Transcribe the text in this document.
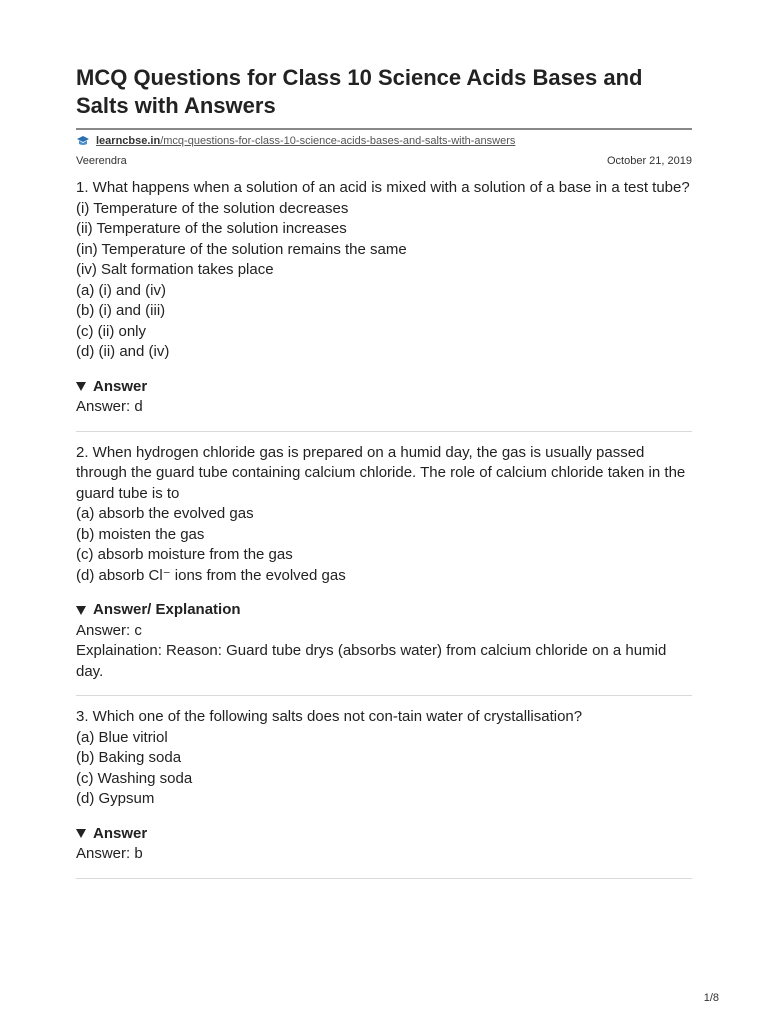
MCQ Questions for Class 10 Science Acids Bases and Salts with Answers
learncbse.in/mcq-questions-for-class-10-science-acids-bases-and-salts-with-answers
Veerendra	October 21, 2019

1. What happens when a solution of an acid is mixed with a solution of a base in a test tube?

(i) Temperature of the solution decreases

(ii) Temperature of the solution increases

(in) Temperature of the solution remains the same

(iv) Salt formation takes place

(a) (i) and (iv)

(b) (i) and (iii)

(c) (ii) only

(d) (ii) and (iv)

Answer

Answer: d

2. When hydrogen chloride gas is prepared on a humid day, the gas is usually passed through the guard tube containing calcium chloride. The role of calcium chloride taken in the guard tube is to

(a) absorb the evolved gas

(b) moisten the gas

(c) absorb moisture from the gas

(d) absorb Cl⁻ ions from the evolved gas

Answer/ Explanation

Answer: c

Explaination: Reason: Guard tube drys (absorbs water) from calcium chloride on a humid day.

3. Which one of the following salts does not con-tain water of crystallisation?

(a) Blue vitriol

(b) Baking soda

(c) Washing soda

(d) Gypsum

Answer

Answer: b

1/8
